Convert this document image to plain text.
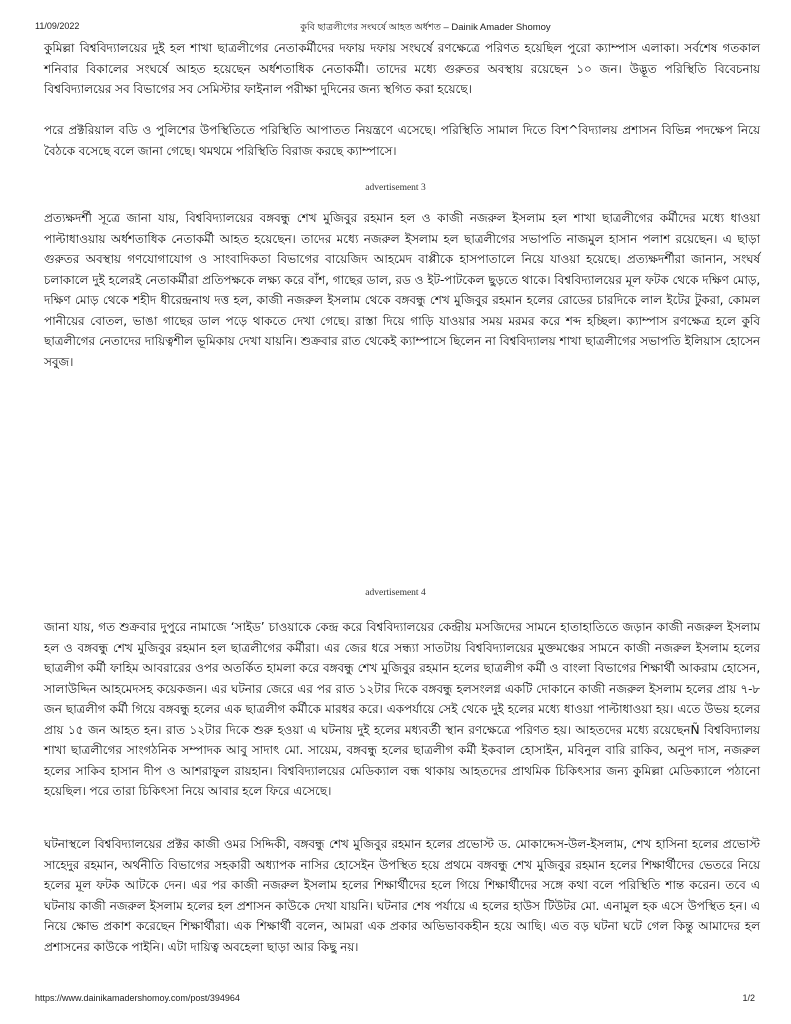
11/09/2022	কুবি ছাত্রলীগের সংঘর্ষে আহত অর্ধশত – Dainik Amader Shomoy

কুমিল্লা বিশ্ববিদ্যালয়ের দুই হল শাখা ছাত্রলীগের নেতাকর্মীদের দফায় দফায় সংঘর্ষে রণক্ষেত্রে পরিণত হয়েছিল পুরো ক্যাম্পাস এলাকা। সর্বশেষ গতকাল শনিবার বিকালের সংঘর্ষে আহত হয়েছেন অর্ধশতাধিক নেতাকর্মী। তাদের মধ্যে গুরুতর অবস্থায় রয়েছেন ১০ জন। উদ্ভূত পরিস্থিতি বিবেচনায় বিশ্ববিদ্যালয়ের সব বিভাগের সব সেমিস্টার ফাইনাল পরীক্ষা দুদিনের জন্য স্থগিত করা হয়েছে।

পরে প্রক্টরিয়াল বডি ও পুলিশের উপস্থিতিতে পরিস্থিতি আপাতত নিয়ন্ত্রণে এসেছে। পরিস্থিতি সামাল দিতে বিশ^বিদ্যালয় প্রশাসন বিভিন্ন পদক্ষেপ নিয়ে বৈঠকে বসেছে বলে জানা গেছে। থমথমে পরিস্থিতি বিরাজ করছে ক্যাম্পাসে।

advertisement 3

প্রত্যক্ষদর্শী সূত্রে জানা যায়, বিশ্ববিদ্যালয়ের বঙ্গবন্ধু শেখ মুজিবুর রহমান হল ও কাজী নজরুল ইসলাম হল শাখা ছাত্রলীগের কর্মীদের মধ্যে ধাওয়া পাল্টাধাওয়ায় অর্ধশতাধিক নেতাকর্মী আহত হয়েছেন। তাদের মধ্যে নজরুল ইসলাম হল ছাত্রলীগের সভাপতি নাজমুল হাসান পলাশ রয়েছেন। এ ছাড়া গুরুতর অবস্থায় গণযোগাযোগ ও সাংবাদিকতা বিভাগের বায়েজিদ আহমেদ বাপ্পীকে হাসপাতালে নিয়ে যাওয়া হয়েছে। প্রত্যক্ষদর্শীরা জানান, সংঘর্ষ চলাকালে দুই হলেরই নেতাকর্মীরা প্রতিপক্ষকে লক্ষ্য করে বাঁশ, গাছের ডাল, রড ও ইট-পাটকেল ছুড়তে থাকে। বিশ্ববিদ্যালয়ের মূল ফটক থেকে দক্ষিণ মোড়, দক্ষিণ মোড় থেকে শহীদ ধীরেন্দ্রনাথ দত্ত হল, কাজী নজরুল ইসলাম থেকে বঙ্গবন্ধু শেখ মুজিবুর রহমান হলের রোডের চারদিকে লাল ইটের টুকরা, কোমল পানীয়ের বোতল, ভাঙা গাছের ডাল পড়ে থাকতে দেখা গেছে। রাস্তা দিয়ে গাড়ি যাওয়ার সময় মরমর করে শব্দ হচ্ছিল। ক্যাম্পাস রণক্ষেত্র হলে কুবি ছাত্রলীগের নেতাদের দায়িত্বশীল ভূমিকায় দেখা যায়নি। শুক্রবার রাত থেকেই ক্যাম্পাসে ছিলেন না বিশ্ববিদ্যালয় শাখা ছাত্রলীগের সভাপতি ইলিয়াস হোসেন সবুজ।

advertisement 4

জানা যায়, গত শুক্রবার দুপুরে নামাজে ‘সাইড’ চাওয়াকে কেন্দ্র করে বিশ্ববিদ্যালয়ের কেন্দ্রীয় মসজিদের সামনে হাতাহাতিতে জড়ান কাজী নজরুল ইসলাম হল ও বঙ্গবন্ধু শেখ মুজিবুর রহমান হল ছাত্রলীগের কর্মীরা। এর জের ধরে সন্ধ্যা সাতটায় বিশ্ববিদ্যালয়ের মুক্তমঞ্চের সামনে কাজী নজরুল ইসলাম হলের ছাত্রলীগ কর্মী ফাহিম আবরারের ওপর অতর্কিত হামলা করে বঙ্গবন্ধু শেখ মুজিবুর রহমান হলের ছাত্রলীগ কর্মী ও বাংলা বিভাগের শিক্ষার্থী আকরাম হোসেন, সালাউদ্দিন আহমেদসহ কয়েকজন। এর ঘটনার জেরে এর পর রাত ১২টার দিকে বঙ্গবন্ধু হলসংলগ্ন একটি দোকানে কাজী নজরুল ইসলাম হলের প্রায় ৭-৮ জন ছাত্রলীগ কর্মী গিয়ে বঙ্গবন্ধু হলের এক ছাত্রলীগ কর্মীকে মারধর করে। একপর্যায়ে সেই থেকে দুই হলের মধ্যে ধাওয়া পাল্টাধাওয়া হয়। এতে উভয় হলের প্রায় ১৫ জন আহত হন। রাত ১২টার দিকে শুরু হওয়া এ ঘটনায় দুই হলের মধ্যবর্তী স্থান রণক্ষেত্রে পরিণত হয়। আহতদের মধ্যে রয়েছেনÑ বিশ্ববিদ্যালয় শাখা ছাত্রলীগের সাংগঠনিক সম্পাদক আবু সাদাৎ মো. সায়েম, বঙ্গবন্ধু হলের ছাত্রলীগ কর্মী ইকবাল হোসাইন, মবিনুল বারি রাকিব, অনুপ দাস, নজরুল হলের সাকিব হাসান দীপ ও আশরাফুল রায়হান। বিশ্ববিদ্যালয়ের মেডিক্যাল বন্ধ থাকায় আহতদের প্রাথমিক চিকিৎসার জন্য কুমিল্লা মেডিক্যালে পঠানো হয়েছিল। পরে তারা চিকিৎসা নিয়ে আবার হলে ফিরে এসেছে।

ঘটনাস্থলে বিশ্ববিদ্যালয়ের প্রক্টর কাজী ওমর সিদ্দিকী, বঙ্গবন্ধু শেখ মুজিবুর রহমান হলের প্রভোস্ট ড. মোকাদ্দেস-উল-ইসলাম, শেখ হাসিনা হলের প্রভোস্ট সাহেদুর রহমান, অর্থনীতি বিভাগের সহকারী অধ্যাপক নাসির হোসেইন উপস্থিত হয়ে প্রথমে বঙ্গবন্ধু শেখ মুজিবুর রহমান হলের শিক্ষার্থীদের ভেতরে নিয়ে হলের মূল ফটক আটকে দেন। এর পর কাজী নজরুল ইসলাম হলের শিক্ষার্থীদের হলে গিয়ে শিক্ষার্থীদের সঙ্গে কথা বলে পরিস্থিতি শান্ত করেন। তবে এ ঘটনায় কাজী নজরুল ইসলাম হলের হল প্রশাসন কাউকে দেখা যায়নি। ঘটনার শেষ পর্যায়ে এ হলের হাউস টিউটর মো. এনামুল হক এসে উপস্থিত হন। এ নিয়ে ক্ষোভ প্রকাশ করেছেন শিক্ষার্থীরা। এক শিক্ষার্থী বলেন, আমরা এক প্রকার অভিভাবকহীন হয়ে আছি। এত বড় ঘটনা ঘটে গেল কিন্তু আমাদের হল প্রশাসনের কাউকে পাইনি। এটা দায়িত্ব অবহেলা ছাড়া আর কিছু নয়।

https://www.dainikamadershomoy.com/post/394964	1/2
